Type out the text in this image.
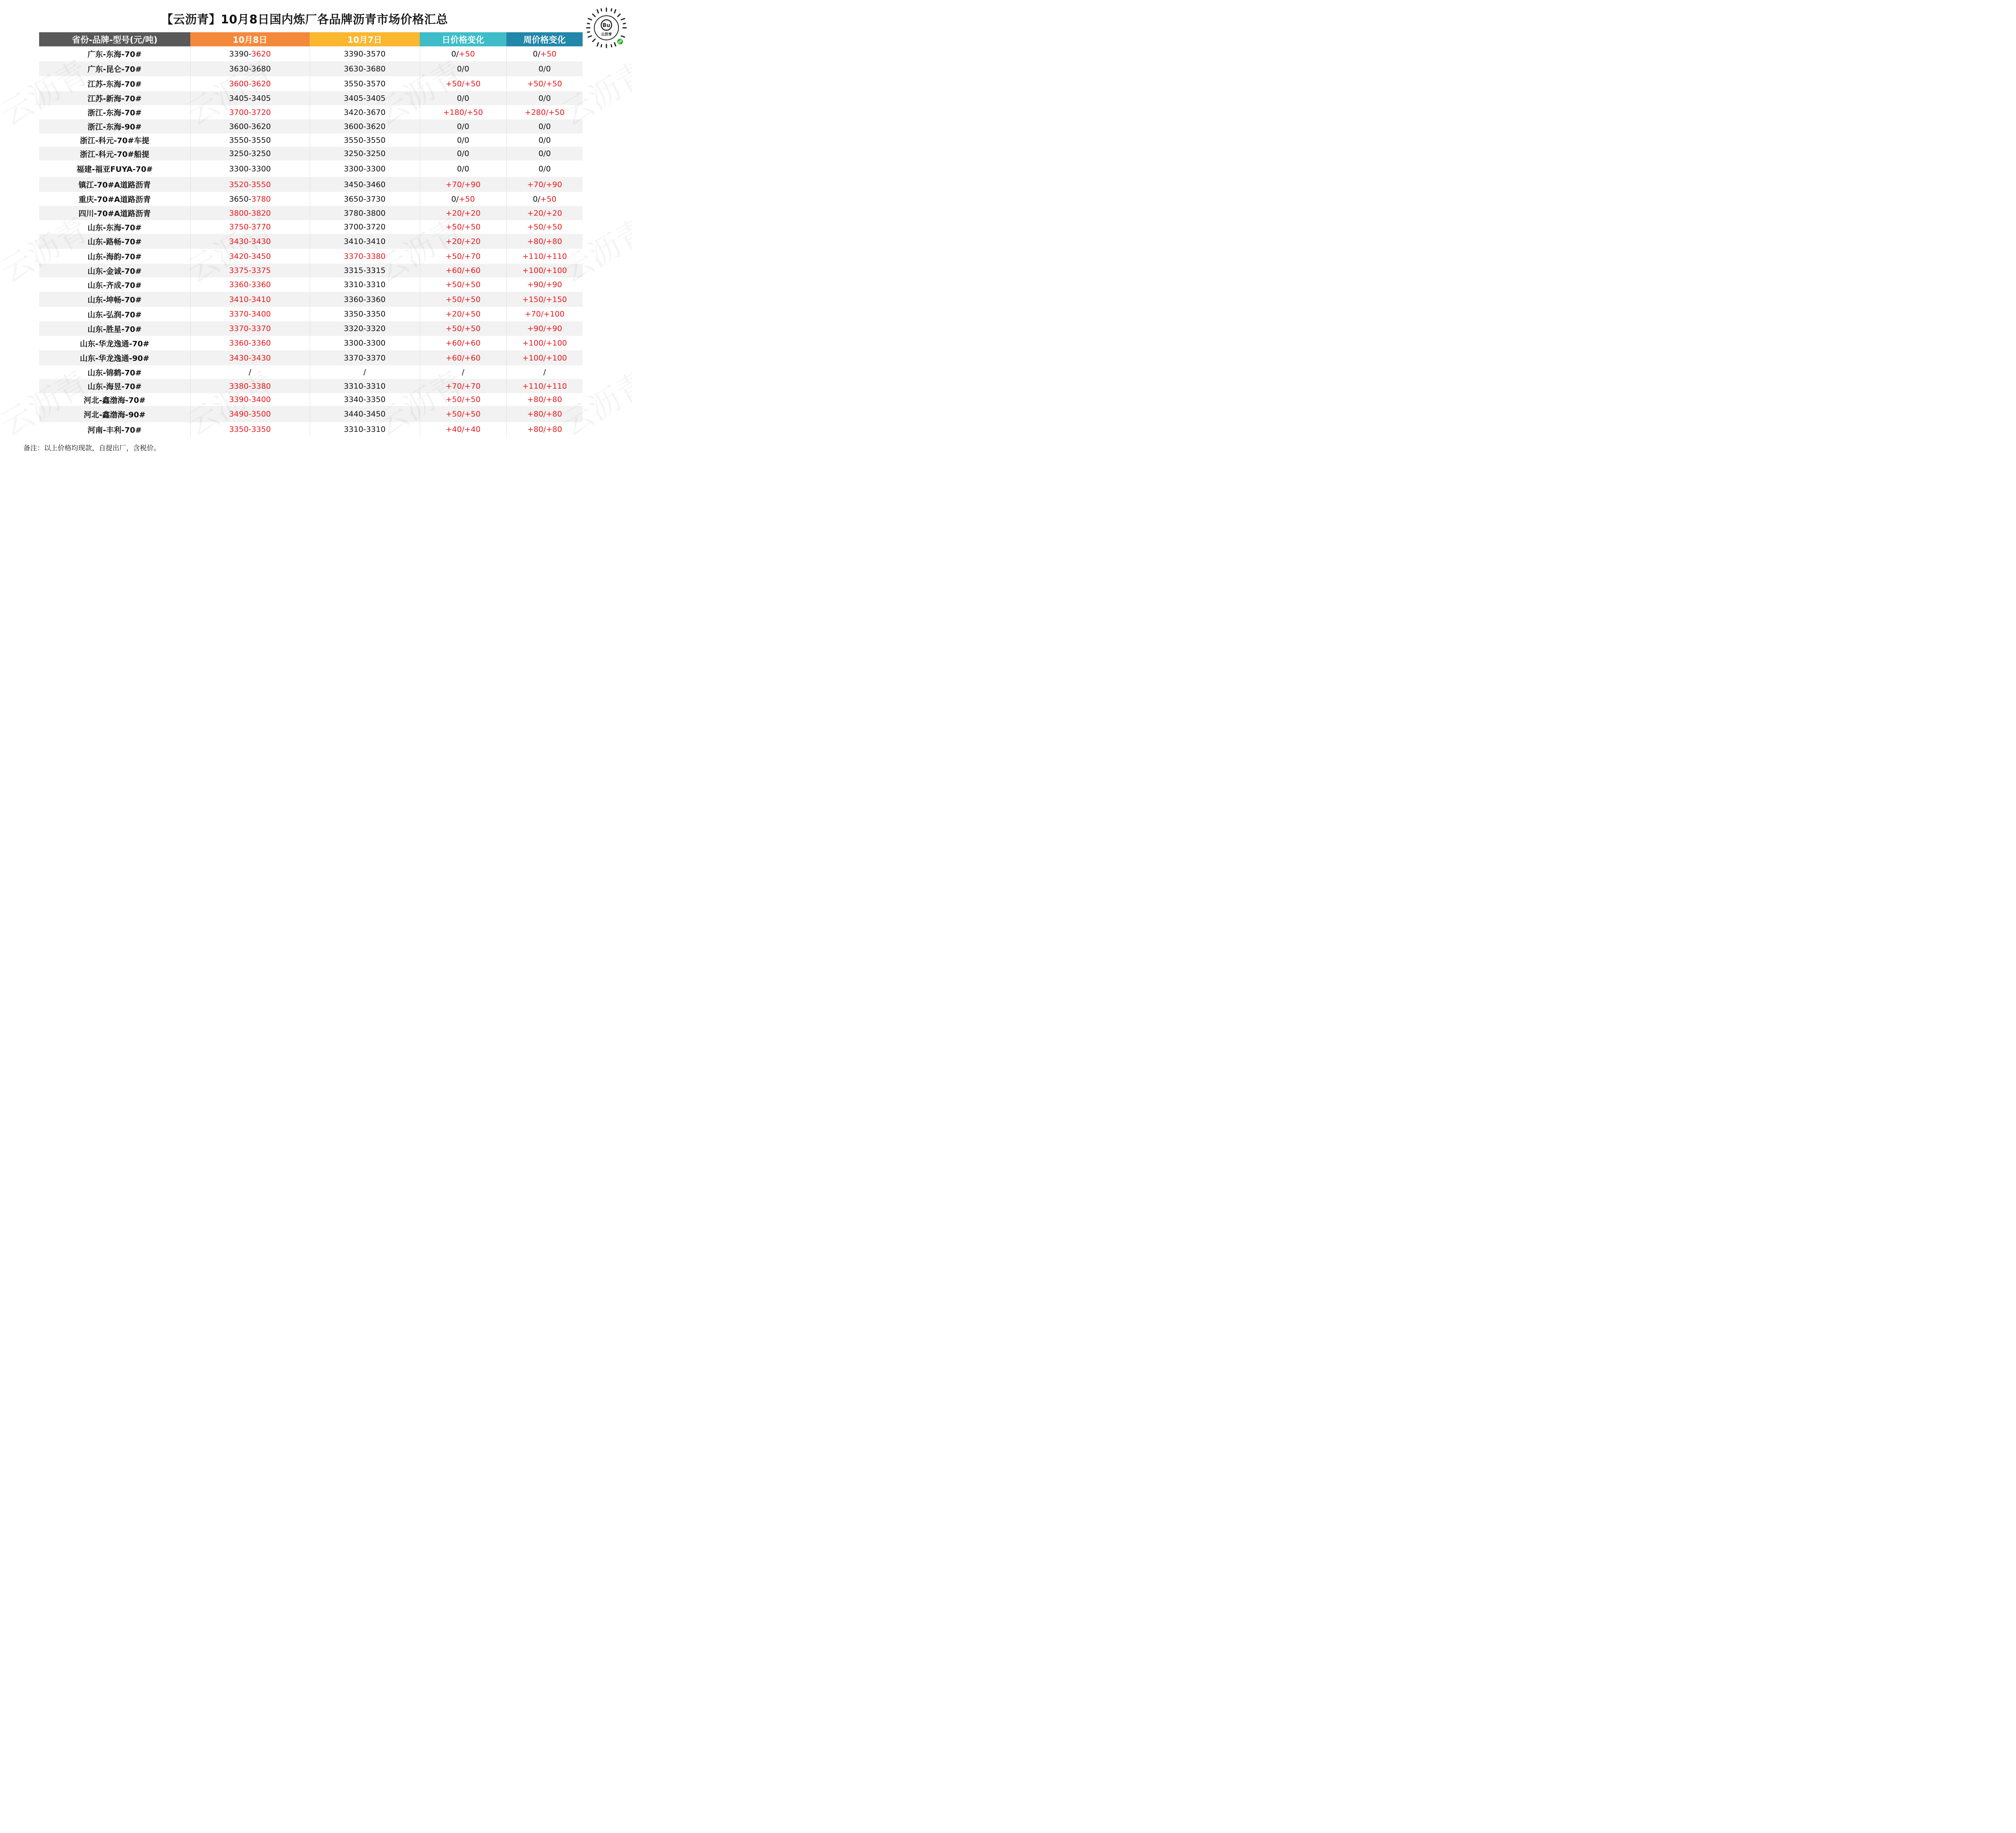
【云沥青】10月8日国内炼厂各品牌沥青市场价格汇总	Bu
云沥青
省份-品牌-型号(元/吨)	10月8日	10月7日	日价格变化	周价格变化
广东-东海-70#	3390-3620	3390-3570	0/+50	0/+50
广东-昆仑-70#	3630-3680	3630-3680	0/0	0/0
江苏-东海-70#	3600-3620	3550-3570	+50/+50	+50/+50
江苏-新海-70#	3405-3405	3405-3405	0/0	0/0
浙江-东海-70#	3700-3720	3420-3670	+180/+50	+280/+50
浙江-东海-90#	3600-3620	3600-3620	0/0	0/0
浙江-科元-70#车提	3550-3550	3550-3550	0/0	0/0
浙江-科元-70#船提	3250-3250	3250-3250	0/0	0/0
福建-福亚FUYA-70#	3300-3300	3300-3300	0/0	0/0
镇江-70#A道路沥青	3520-3550	3450-3460	+70/+90	+70/+90
重庆-70#A道路沥青	3650-3780	3650-3730	0/+50	0/+50
四川-70#A道路沥青	3800-3820	3780-3800	+20/+20	+20/+20
山东-东海-70#	3750-3770	3700-3720	+50/+50	+50/+50
山东-路畅-70#	3430-3430	3410-3410	+20/+20	+80/+80
山东-海韵-70#	3420-3450	3370-3380	+50/+70	+110/+110
山东-金诚-70#	3375-3375	3315-3315	+60/+60	+100/+100
山东-齐成-70#	3360-3360	3310-3310	+50/+50	+90/+90
山东-坤畅-70#	3410-3410	3360-3360	+50/+50	+150/+150
山东-弘润-70#	3370-3400	3350-3350	+20/+50	+70/+100
山东-胜星-70#	3370-3370	3320-3320	+50/+50	+90/+90
山东-华龙逸通-70#	3360-3360	3300-3300	+60/+60	+100/+100
山东-华龙逸通-90#	3430-3430	3370-3370	+60/+60	+100/+100
山东-锦鹤-70#	/	/	/	/
山东-海昱-70#	3380-3380	3310-3310	+70/+70	+110/+110
河北-鑫渤海-70#	3390-3400	3340-3350	+50/+50	+80/+80
河北-鑫渤海-90#	3490-3500	3440-3450	+50/+50	+80/+80
河南-丰利-70#	3350-3350	3310-3310	+40/+40	+80/+80
备注：以上价格均现款，自提出厂，含税价。
